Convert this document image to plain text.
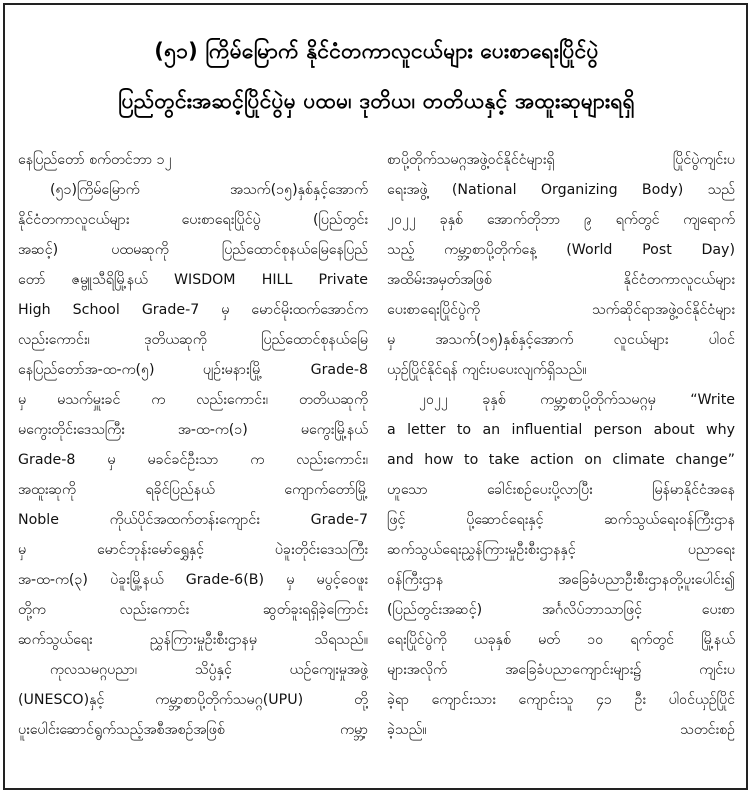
(၅၁) ကြိမ်မြောက် နိုင်ငံတကာလူငယ်များ ပေးစာရေးပြိုင်ပွဲ
ပြည်တွင်းအဆင့်ပြိုင်ပွဲမှ ပထမ၊ ဒုတိယ၊ တတိယနှင့် အထူးဆုများရရှိ
နေပြည်တော် စက်တင်ဘာ ၁၂
(၅၁)ကြိမ်မြောက် အသက်(၁၅)နှစ်နှင့်အောက်
နိုင်ငံတကာလူငယ်များ ပေးစာရေးပြိုင်ပွဲ (ပြည်တွင်း
အဆင့်) ပထမဆုကို ပြည်ထောင်စုနယ်မြေနေပြည်
တော် ဇမ္ဗူသီရိမြို့နယ် WISDOM HILL Private
High School Grade-7 မှ မောင်မိုးထက်အောင်က
လည်းကောင်း၊ ဒုတိယဆုကို ပြည်ထောင်စုနယ်မြေ
နေပြည်တော်အ-ထ-က(၅) ပျဉ်းမနားမြို့ Grade-8
မှ မသက်မှူးခင် က လည်းကောင်း၊ တတိယဆုကို
မကွေးတိုင်းဒေသကြီး အ-ထ-က(၁) မကွေးမြို့နယ်
Grade-8 မှ မခင်ခင်ဦးသာ က လည်းကောင်း၊
အထူးဆုကို ရခိုင်ပြည်နယ် ကျောက်တော်မြို့
Noble ကိုယ်ပိုင်အထက်တန်းကျောင်း Grade-7
မှ မောင်ဘုန်းမော်ရွှေနှင့် ပဲခူးတိုင်းဒေသကြီး
အ-ထ-က(၃) ပဲခူးမြို့နယ် Grade-6(B) မှ မပွင့်ဝေဖူး
တို့က လည်းကောင်း ဆွတ်ခူးရရှိခဲ့ကြောင်း
ဆက်သွယ်ရေး ညွှန်ကြားမှုဦးစီးဌာနမှ သိရသည်။
ကုလသမဂ္ဂပညာ၊ သိပ္ပံနှင့် ယဉ်ကျေးမှုအဖွဲ့
(UNESCO)နှင့် ကမ္ဘာ့စာပို့တိုက်သမဂ္ဂ(UPU) တို့
ပူးပေါင်းဆောင်ရွက်သည့်အစီအစဉ်အဖြစ် ကမ္ဘာ့
စာပို့တိုက်သမဂ္ဂအဖွဲ့ဝင်နိုင်ငံများရှိ ပြိုင်ပွဲကျင်းပ
ရေးအဖွဲ့ (National Organizing Body) သည်
၂၀၂၂ ခုနှစ် အောက်တိုဘာ ၉ ရက်တွင် ကျရောက်
သည့် ကမ္ဘာ့စာပို့တိုက်နေ့ (World Post Day)
အထိမ်းအမှတ်အဖြစ် နိုင်ငံတကာလူငယ်များ
ပေးစာရေးပြိုင်ပွဲကို သက်ဆိုင်ရာအဖွဲ့ဝင်နိုင်ငံများ
မှ အသက်(၁၅)နှစ်နှင့်အောက် လူငယ်များ ပါဝင်
ယှဉ်ပြိုင်နိုင်ရန် ကျင်းပပေးလျက်ရှိသည်။
၂၀၂၂ ခုနှစ် ကမ္ဘာ့စာပို့တိုက်သမဂ္ဂမှ “Write
a letter to an influential person about why
and how to take action on climate change”
ဟူသော ခေါင်းစဉ်ပေးပို့လာပြီး မြန်မာနိုင်ငံအနေ
ဖြင့် ပို့ဆောင်ရေးနှင့် ဆက်သွယ်ရေးဝန်ကြီးဌာန
ဆက်သွယ်ရေးညွှန်ကြားမှုဦးစီးဌာနနှင့် ပညာရေး
ဝန်ကြီးဌာန အခြေခံပညာဦးစီးဌာနတို့ပူးပေါင်း၍
(ပြည်တွင်းအဆင့်) အင်္ဂလိပ်ဘာသာဖြင့် ပေးစာ
ရေးပြိုင်ပွဲကို ယခုနှစ် မတ် ၁၀ ရက်တွင် မြို့နယ်
များအလိုက် အခြေခံပညာကျောင်းများ၌ ကျင်းပ
ခဲ့ရာ ကျောင်းသား ကျောင်းသူ ၄၁ ဦး ပါဝင်ယှဉ်ပြိုင်
ခဲ့သည်။	သတင်းစဉ်
